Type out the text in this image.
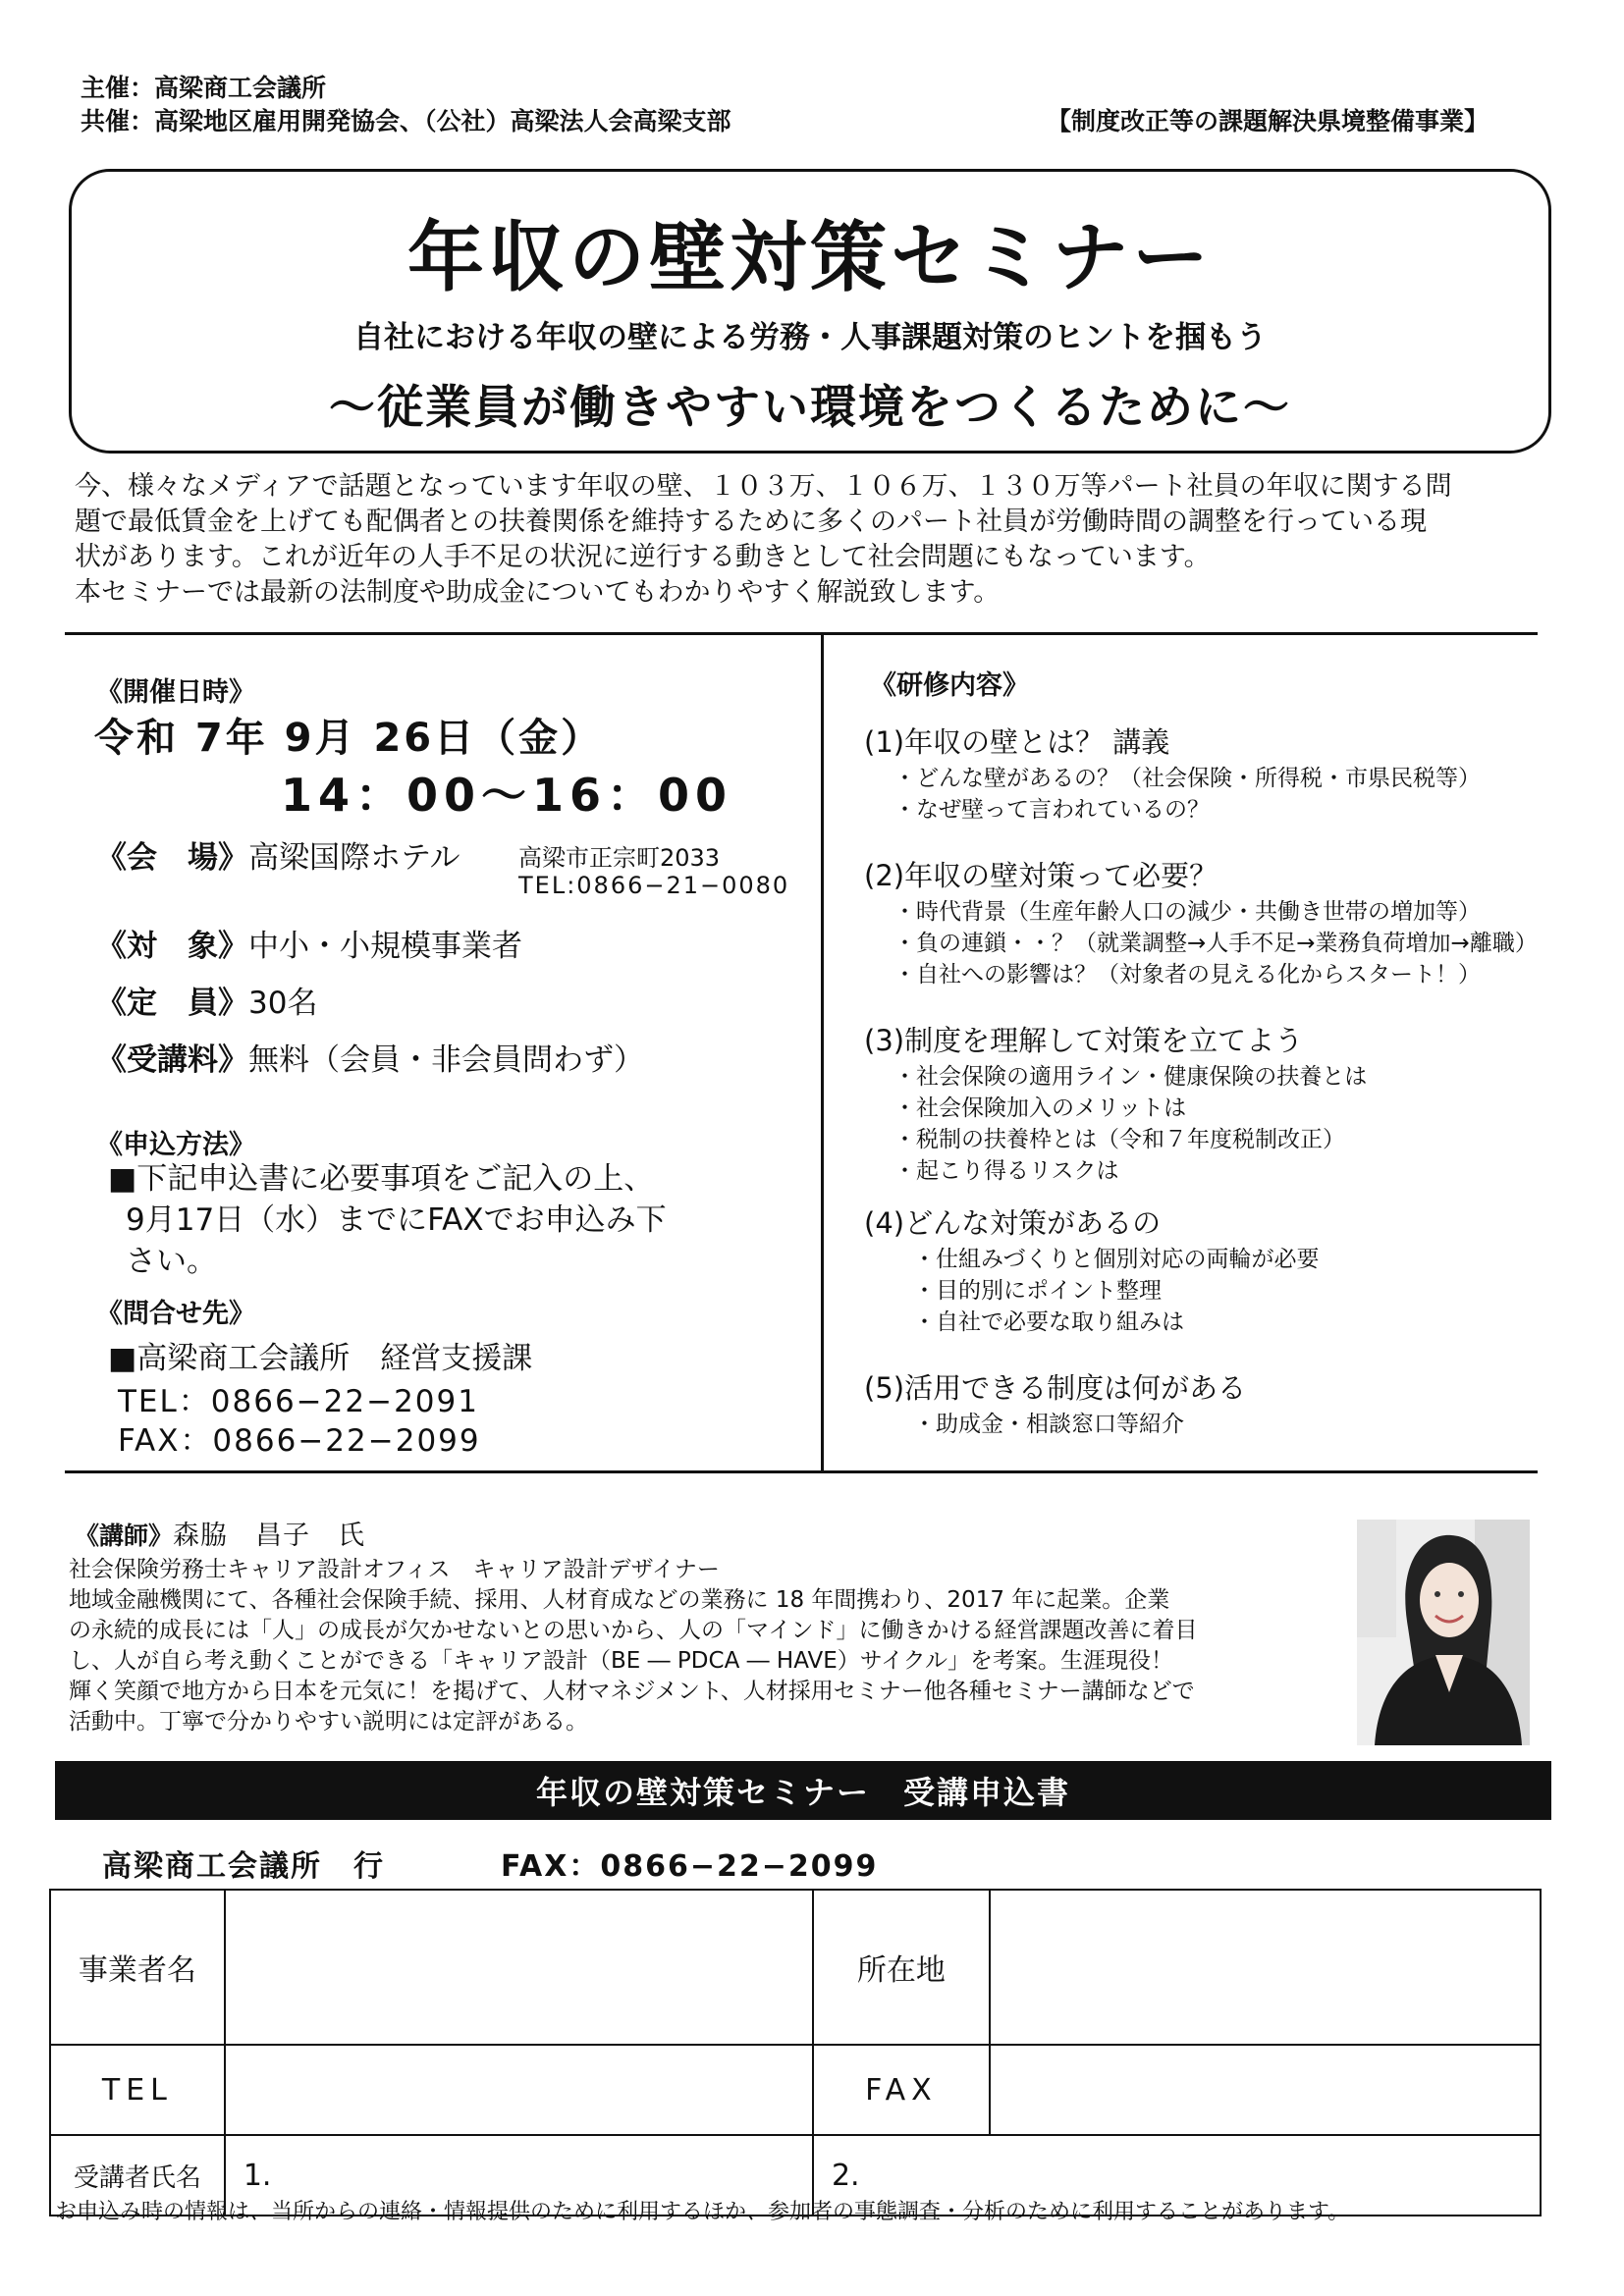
主催：高梁商工会議所
共催：高梁地区雇用開発協会、（公社）高梁法人会高梁支部	【制度改正等の課題解決県境整備事業】
年収の壁対策セミナー
自社における年収の壁による労務・人事課題対策のヒントを掴もう
〜従業員が働きやすい環境をつくるために〜

今、様々なメディアで話題となっています年収の壁、１０３万、１０６万、１３０万等パート社員の年収に関する問

題で最低賃金を上げても配偶者との扶養関係を維持するために多くのパート社員が労働時間の調整を行っている現

状があります。これが近年の人手不足の状況に逆行する動きとして社会問題にもなっています。

本セミナーでは最新の法制度や助成金についてもわかりやすく解説致します。

《開催日時》
令和 7年 9月 26日（金）
14：00〜16：00
《会　場》高梁国際ホテル 高梁市正宗町2033
TEL:0866−21−0080
《対　象》中小・小規模事業者
《定　員》30名
《受講料》無料（会員・非会員問わず）
《申込方法》
■下記申込書に必要事項をご記入の上、
9月17日（水）までにFAXでお申込み下
さい。
《問合せ先》
■高梁商工会議所　経営支援課
TEL：0866−22−2091
FAX：0866−22−2099
《研修内容》
(1)年収の壁とは？ 講義
・どんな壁があるの？（社会保険・所得税・市県民税等）
・なぜ壁って言われているの？
(2)年収の壁対策って必要？
・時代背景（生産年齢人口の減少・共働き世帯の増加等）
・負の連鎖・・？（就業調整→人手不足→業務負荷増加→離職）
・自社への影響は？（対象者の見える化からスタート！）
(3)制度を理解して対策を立てよう
・社会保険の適用ライン・健康保険の扶養とは
・社会保険加入のメリットは
・税制の扶養枠とは（令和７年度税制改正）
・起こり得るリスクは
(4)どんな対策があるの
・仕組みづくりと個別対応の両輪が必要
・目的別にポイント整理
・自社で必要な取り組みは
(5)活用できる制度は何がある
・助成金・相談窓口等紹介
《講師》森脇　昌子　氏

社会保険労務士キャリア設計オフィス　キャリア設計デザイナー

地域金融機関にて、各種社会保険手続、採用、人材育成などの業務に 18 年間携わり、2017 年に起業。企業

の永続的成長には「人」の成長が欠かせないとの思いから、人の「マインド」に働きかける経営課題改善に着目

し、人が自ら考え動くことができる「キャリア設計（BE ― PDCA ― HAVE）サイクル」を考案。生涯現役！

輝く笑顔で地方から日本を元気に！を掲げて、人材マネジメント、人材採用セミナー他各種セミナー講師などで

活動中。丁寧で分かりやすい説明には定評がある。

年収の壁対策セミナー　受講申込書
高梁商工会議所　行	FAX：0866−22−2099
事業者名		所在地	
TEL		FAX	
受講者氏名	1.	2.	
お申込み時の情報は、当所からの連絡・情報提供のために利用するほか、参加者の事態調査・分析のために利用することがあります。
